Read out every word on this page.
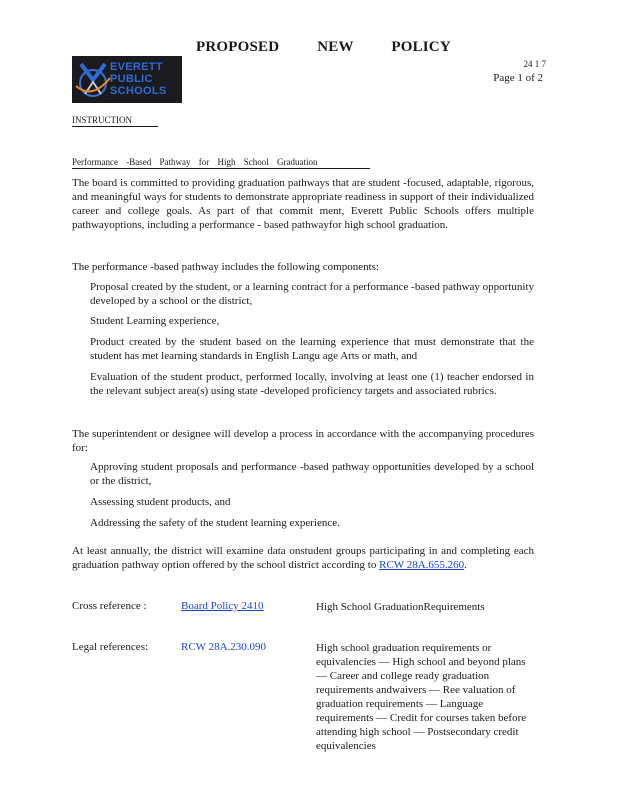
PROPOSED NEW POLICY
EVERETT
PUBLIC
SCHOOLS
24 1 7
Page 1 of 2
INSTRUCTION
Performance -Based Pathway for High School Graduation
The board is committed to providing graduation pathways that are student -focused, adaptable, rigorous, and meaningful ways for students to demonstrate appropriate readiness in support of their individualized career and college goals. As part of that commit ment, Everett Public Schools offers multiple pathwayoptions, including a performance - based pathwayfor high school graduation.
The performance -based pathway includes the following components:
Proposal created by the student, or a learning contract for a performance -based pathway opportunity developed by a school or the district,
Student Learning experience,
Product created by the student based on the learning experience that must demonstrate that the student has met learning standards in English Langu age Arts or math, and
Evaluation of the student product, performed locally, involving at least one (1) teacher endorsed in the relevant subject area(s) using state -developed proficiency targets and associated rubrics.
The superintendent or designee will develop a process in accordance with the accompanying procedures for:
Approving student proposals and performance -based pathway opportunities developed by a school or the district,
Assessing student products, and
Addressing the safety of the student learning experience.
At least annually, the district will examine data onstudent groups participating in and completing each graduation pathway option offered by the school district according to RCW 28A.655.260.
Cross reference :	Board Policy 2410	High School GraduationRequirements
Legal references:	RCW 28A.230.090	High school graduation requirements or equivalencies — High school and beyond plans — Career and college ready graduation requirements andwaivers — Ree valuation of graduation requirements — Language requirements — Credit for courses taken before attending high school — Postsecondary credit equivalencies
